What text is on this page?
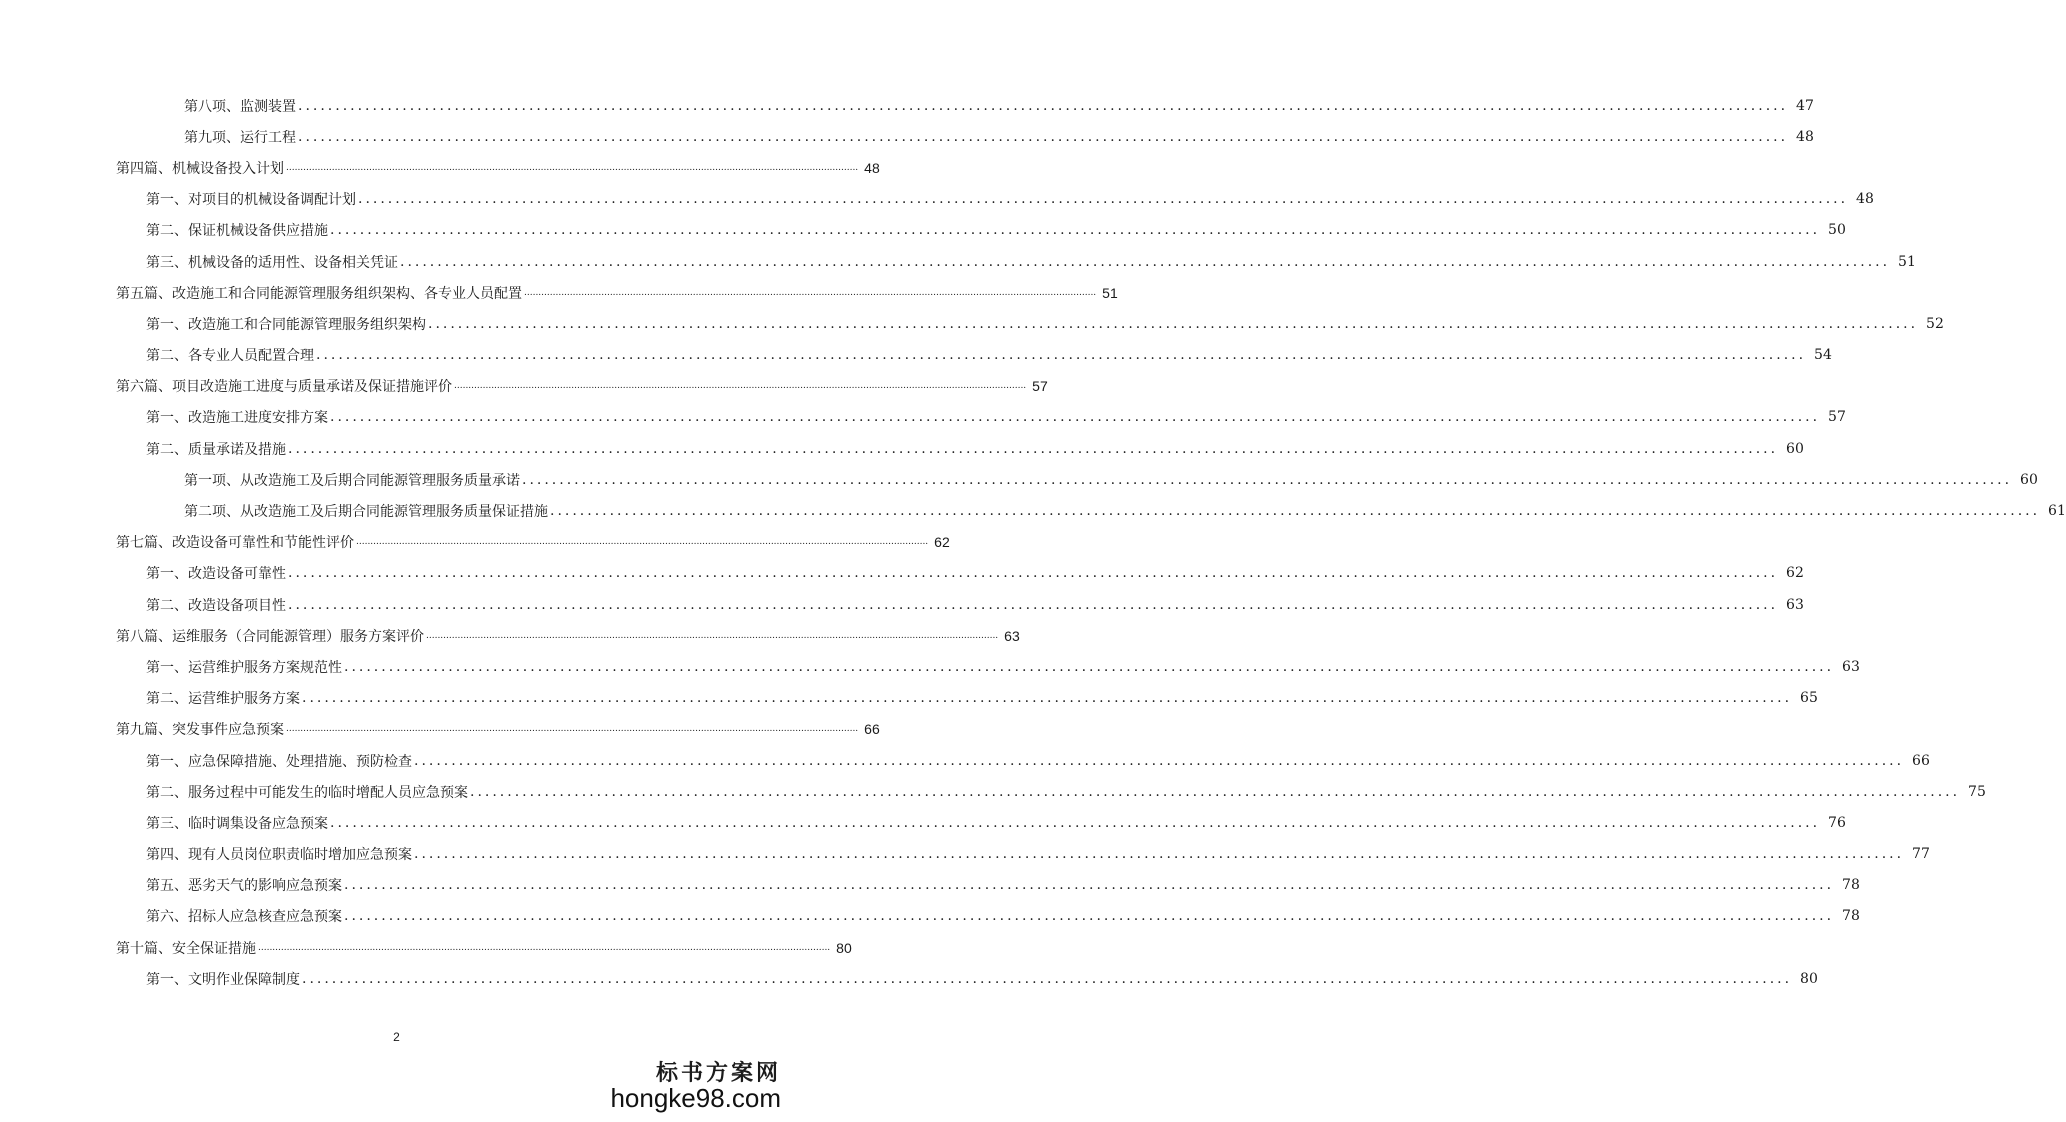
第八项、监测装置 ........................................................................................................................................................................................................ 47
第九项、运行工程 ........................................................................................................................................................................................................ 48
第四篇、机械设备投入计划 ........................................................................................................................................................................................................ 48
第一、对项目的机械设备调配计划 ........................................................................................................................................................................................................ 48
第二、保证机械设备供应措施 ........................................................................................................................................................................................................ 50
第三、机械设备的适用性、设备相关凭证 ........................................................................................................................................................................................................ 51
第五篇、改造施工和合同能源管理服务组织架构、各专业人员配置 ........................................................................................................................................................................................................ 51
第一、改造施工和合同能源管理服务组织架构 ........................................................................................................................................................................................................ 52
第二、各专业人员配置合理 ........................................................................................................................................................................................................ 54
第六篇、项目改造施工进度与质量承诺及保证措施评价 ........................................................................................................................................................................................................ 57
第一、改造施工进度安排方案 ........................................................................................................................................................................................................ 57
第二、质量承诺及措施 ........................................................................................................................................................................................................ 60
第一项、从改造施工及后期合同能源管理服务质量承诺 ........................................................................................................................................................................................................ 60
第二项、从改造施工及后期合同能源管理服务质量保证措施 ........................................................................................................................................................................................................ 61
第七篇、改造设备可靠性和节能性评价 ........................................................................................................................................................................................................ 62
第一、改造设备可靠性 ........................................................................................................................................................................................................ 62
第二、改造设备项目性 ........................................................................................................................................................................................................ 63
第八篇、运维服务（合同能源管理）服务方案评价 ........................................................................................................................................................................................................ 63
第一、运营维护服务方案规范性 ........................................................................................................................................................................................................ 63
第二、运营维护服务方案 ........................................................................................................................................................................................................ 65
第九篇、突发事件应急预案 ........................................................................................................................................................................................................ 66
第一、应急保障措施、处理措施、预防检查 ........................................................................................................................................................................................................ 66
第二、服务过程中可能发生的临时增配人员应急预案 ........................................................................................................................................................................................................ 75
第三、临时调集设备应急预案 ........................................................................................................................................................................................................ 76
第四、现有人员岗位职责临时增加应急预案 ........................................................................................................................................................................................................ 77
第五、恶劣天气的影响应急预案 ........................................................................................................................................................................................................ 78
第六、招标人应急核查应急预案 ........................................................................................................................................................................................................ 78
第十篇、安全保证措施 ........................................................................................................................................................................................................ 80
第一、文明作业保障制度 ........................................................................................................................................................................................................ 80
2
标书方案网
hongke98.com
